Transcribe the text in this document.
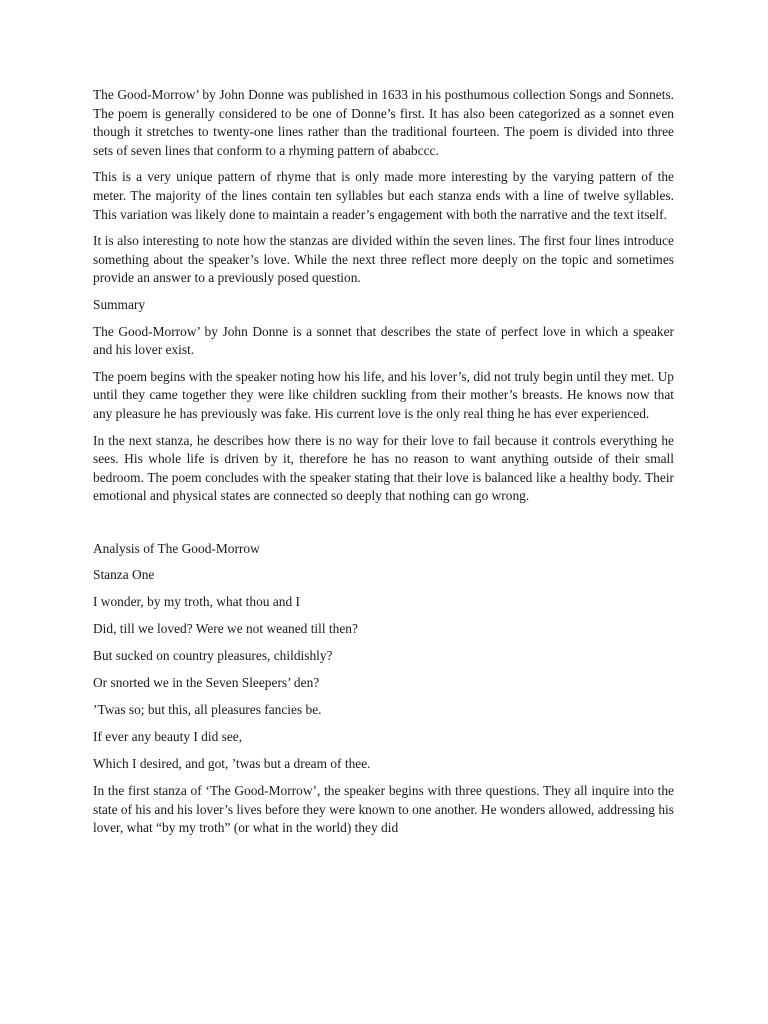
The Good-Morrow’ by John Donne was published in 1633 in his posthumous collection Songs and Sonnets. The poem is generally considered to be one of Donne’s first. It has also been categorized as a sonnet even though it stretches to twenty-one lines rather than the traditional fourteen. The poem is divided into three sets of seven lines that conform to a rhyming pattern of ababccc.

This is a very unique pattern of rhyme that is only made more interesting by the varying pattern of the meter. The majority of the lines contain ten syllables but each stanza ends with a line of twelve syllables. This variation was likely done to maintain a reader’s engagement with both the narrative and the text itself.

It is also interesting to note how the stanzas are divided within the seven lines. The first four lines introduce something about the speaker’s love. While the next three reflect more deeply on the topic and sometimes provide an answer to a previously posed question.

Summary

The Good-Morrow’ by John Donne is a sonnet that describes the state of perfect love in which a speaker and his lover exist.

The poem begins with the speaker noting how his life, and his lover’s, did not truly begin until they met. Up until they came together they were like children suckling from their mother’s breasts. He knows now that any pleasure he has previously was fake. His current love is the only real thing he has ever experienced.

In the next stanza, he describes how there is no way for their love to fail because it controls everything he sees. His whole life is driven by it, therefore he has no reason to want anything outside of their small bedroom. The poem concludes with the speaker stating that their love is balanced like a healthy body. Their emotional and physical states are connected so deeply that nothing can go wrong.

Analysis of The Good-Morrow

Stanza One

I wonder, by my troth, what thou and I

Did, till we loved? Were we not weaned till then?

But sucked on country pleasures, childishly?

Or snorted we in the Seven Sleepers’ den?

’Twas so; but this, all pleasures fancies be.

If ever any beauty I did see,

Which I desired, and got, ’twas but a dream of thee.

In the first stanza of ‘The Good-Morrow’, the speaker begins with three questions. They all inquire into the state of his and his lover’s lives before they were known to one another. He wonders allowed, addressing his lover, what “by my troth” (or what in the world) they did
